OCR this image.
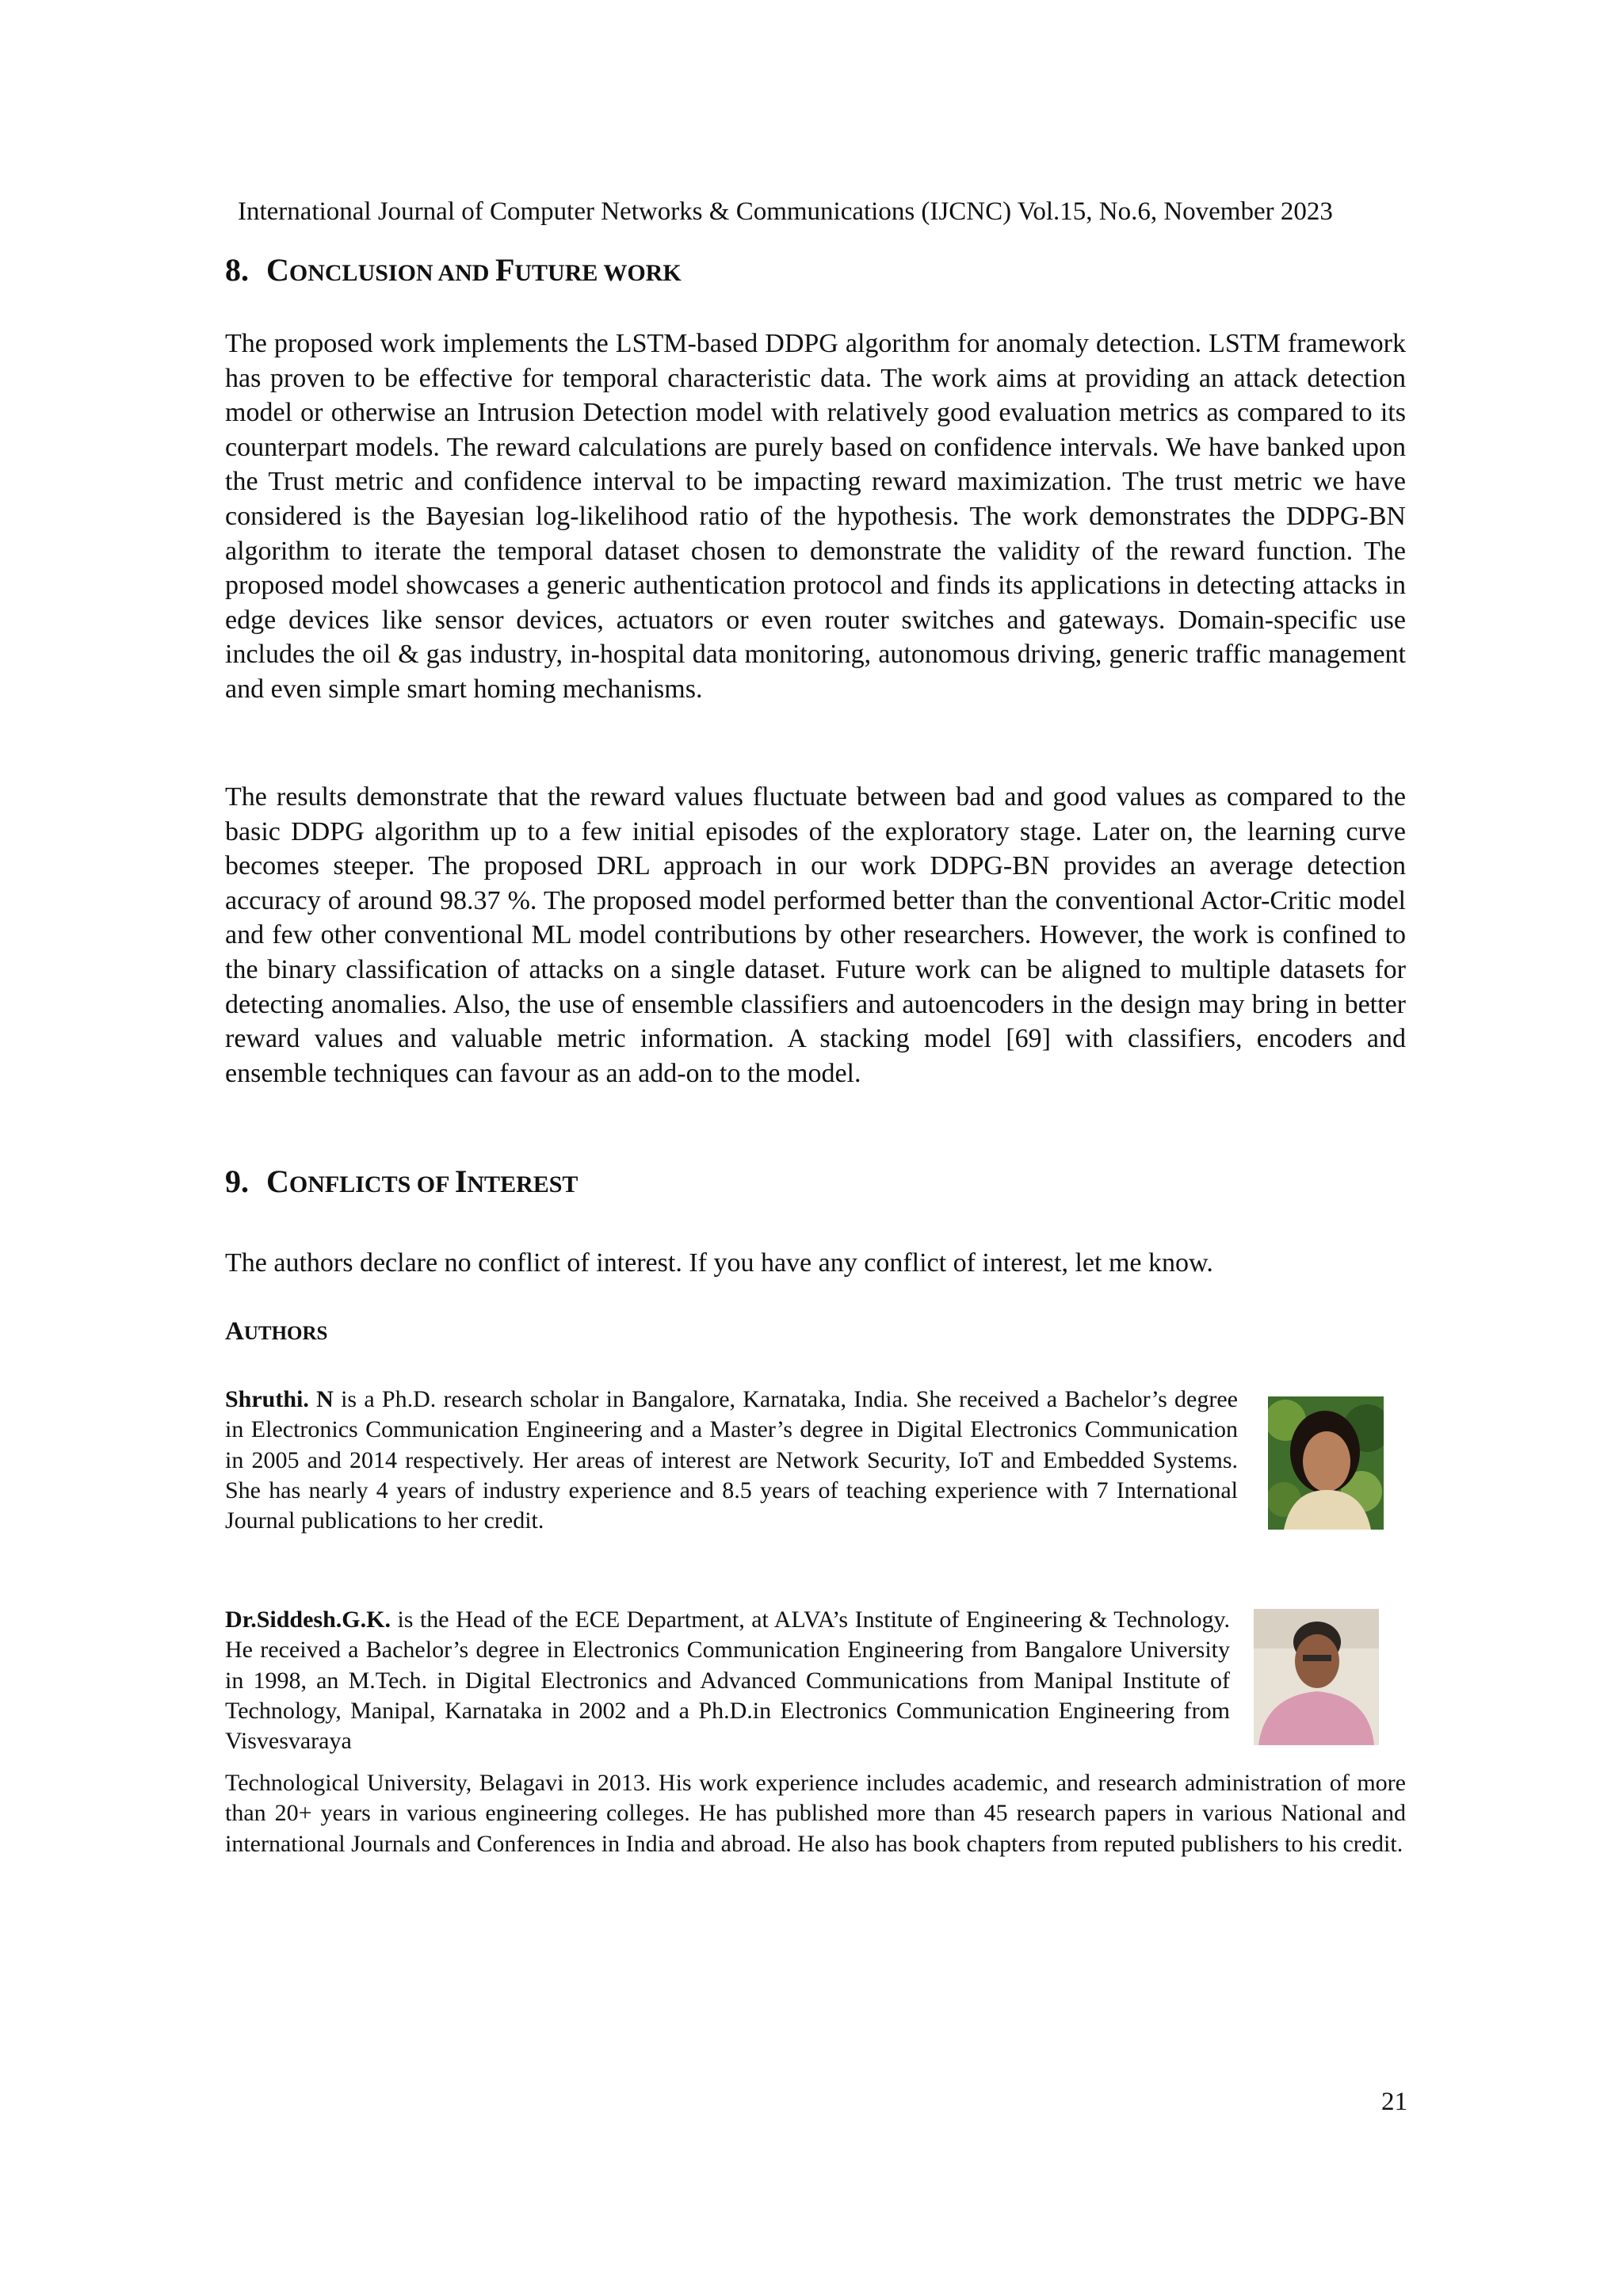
International Journal of Computer Networks & Communications (IJCNC) Vol.15, No.6, November 2023
8. CONCLUSION AND FUTURE WORK

The proposed work implements the LSTM-based DDPG algorithm for anomaly detection. LSTM framework has proven to be effective for temporal characteristic data. The work aims at providing an attack detection model or otherwise an Intrusion Detection model with relatively good evaluation metrics as compared to its counterpart models. The reward calculations are purely based on confidence intervals. We have banked upon the Trust metric and confidence interval to be impacting reward maximization. The trust metric we have considered is the Bayesian log-likelihood ratio of the hypothesis. The work demonstrates the DDPG-BN algorithm to iterate the temporal dataset chosen to demonstrate the validity of the reward function. The proposed model showcases a generic authentication protocol and finds its applications in detecting attacks in edge devices like sensor devices, actuators or even router switches and gateways. Domain-specific use includes the oil & gas industry, in-hospital data monitoring, autonomous driving, generic traffic management and even simple smart homing mechanisms.

The results demonstrate that the reward values fluctuate between bad and good values as compared to the basic DDPG algorithm up to a few initial episodes of the exploratory stage. Later on, the learning curve becomes steeper. The proposed DRL approach in our work DDPG-BN provides an average detection accuracy of around 98.37 %. The proposed model performed better than the conventional Actor-Critic model and few other conventional ML model contributions by other researchers. However, the work is confined to the binary classification of attacks on a single dataset. Future work can be aligned to multiple datasets for detecting anomalies. Also, the use of ensemble classifiers and autoencoders in the design may bring in better reward values and valuable metric information. A stacking model [69] with classifiers, encoders and ensemble techniques can favour as an add-on to the model.

9. CONFLICTS OF INTEREST

The authors declare no conflict of interest. If you have any conflict of interest, let me know.

AUTHORS

Shruthi. N is a Ph.D. research scholar in Bangalore, Karnataka, India. She received a Bachelor’s degree in Electronics Communication Engineering and a Master’s degree in Digital Electronics Communication in 2005 and 2014 respectively. Her areas of interest are Network Security, IoT and Embedded Systems. She has nearly 4 years of industry experience and 8.5 years of teaching experience with 7 International Journal publications to her credit.

Dr.Siddesh.G.K. is the Head of the ECE Department, at ALVA’s Institute of Engineering & Technology. He received a Bachelor’s degree in Electronics Communication Engineering from Bangalore University in 1998, an M.Tech. in Digital Electronics and Advanced Communications from Manipal Institute of Technology, Manipal, Karnataka in 2002 and a Ph.D.in Electronics Communication Engineering from Visvesvaraya

Technological University, Belagavi in 2013. His work experience includes academic, and research administration of more than 20+ years in various engineering colleges. He has published more than 45 research papers in various National and international Journals and Conferences in India and abroad. He also has book chapters from reputed publishers to his credit.

21
